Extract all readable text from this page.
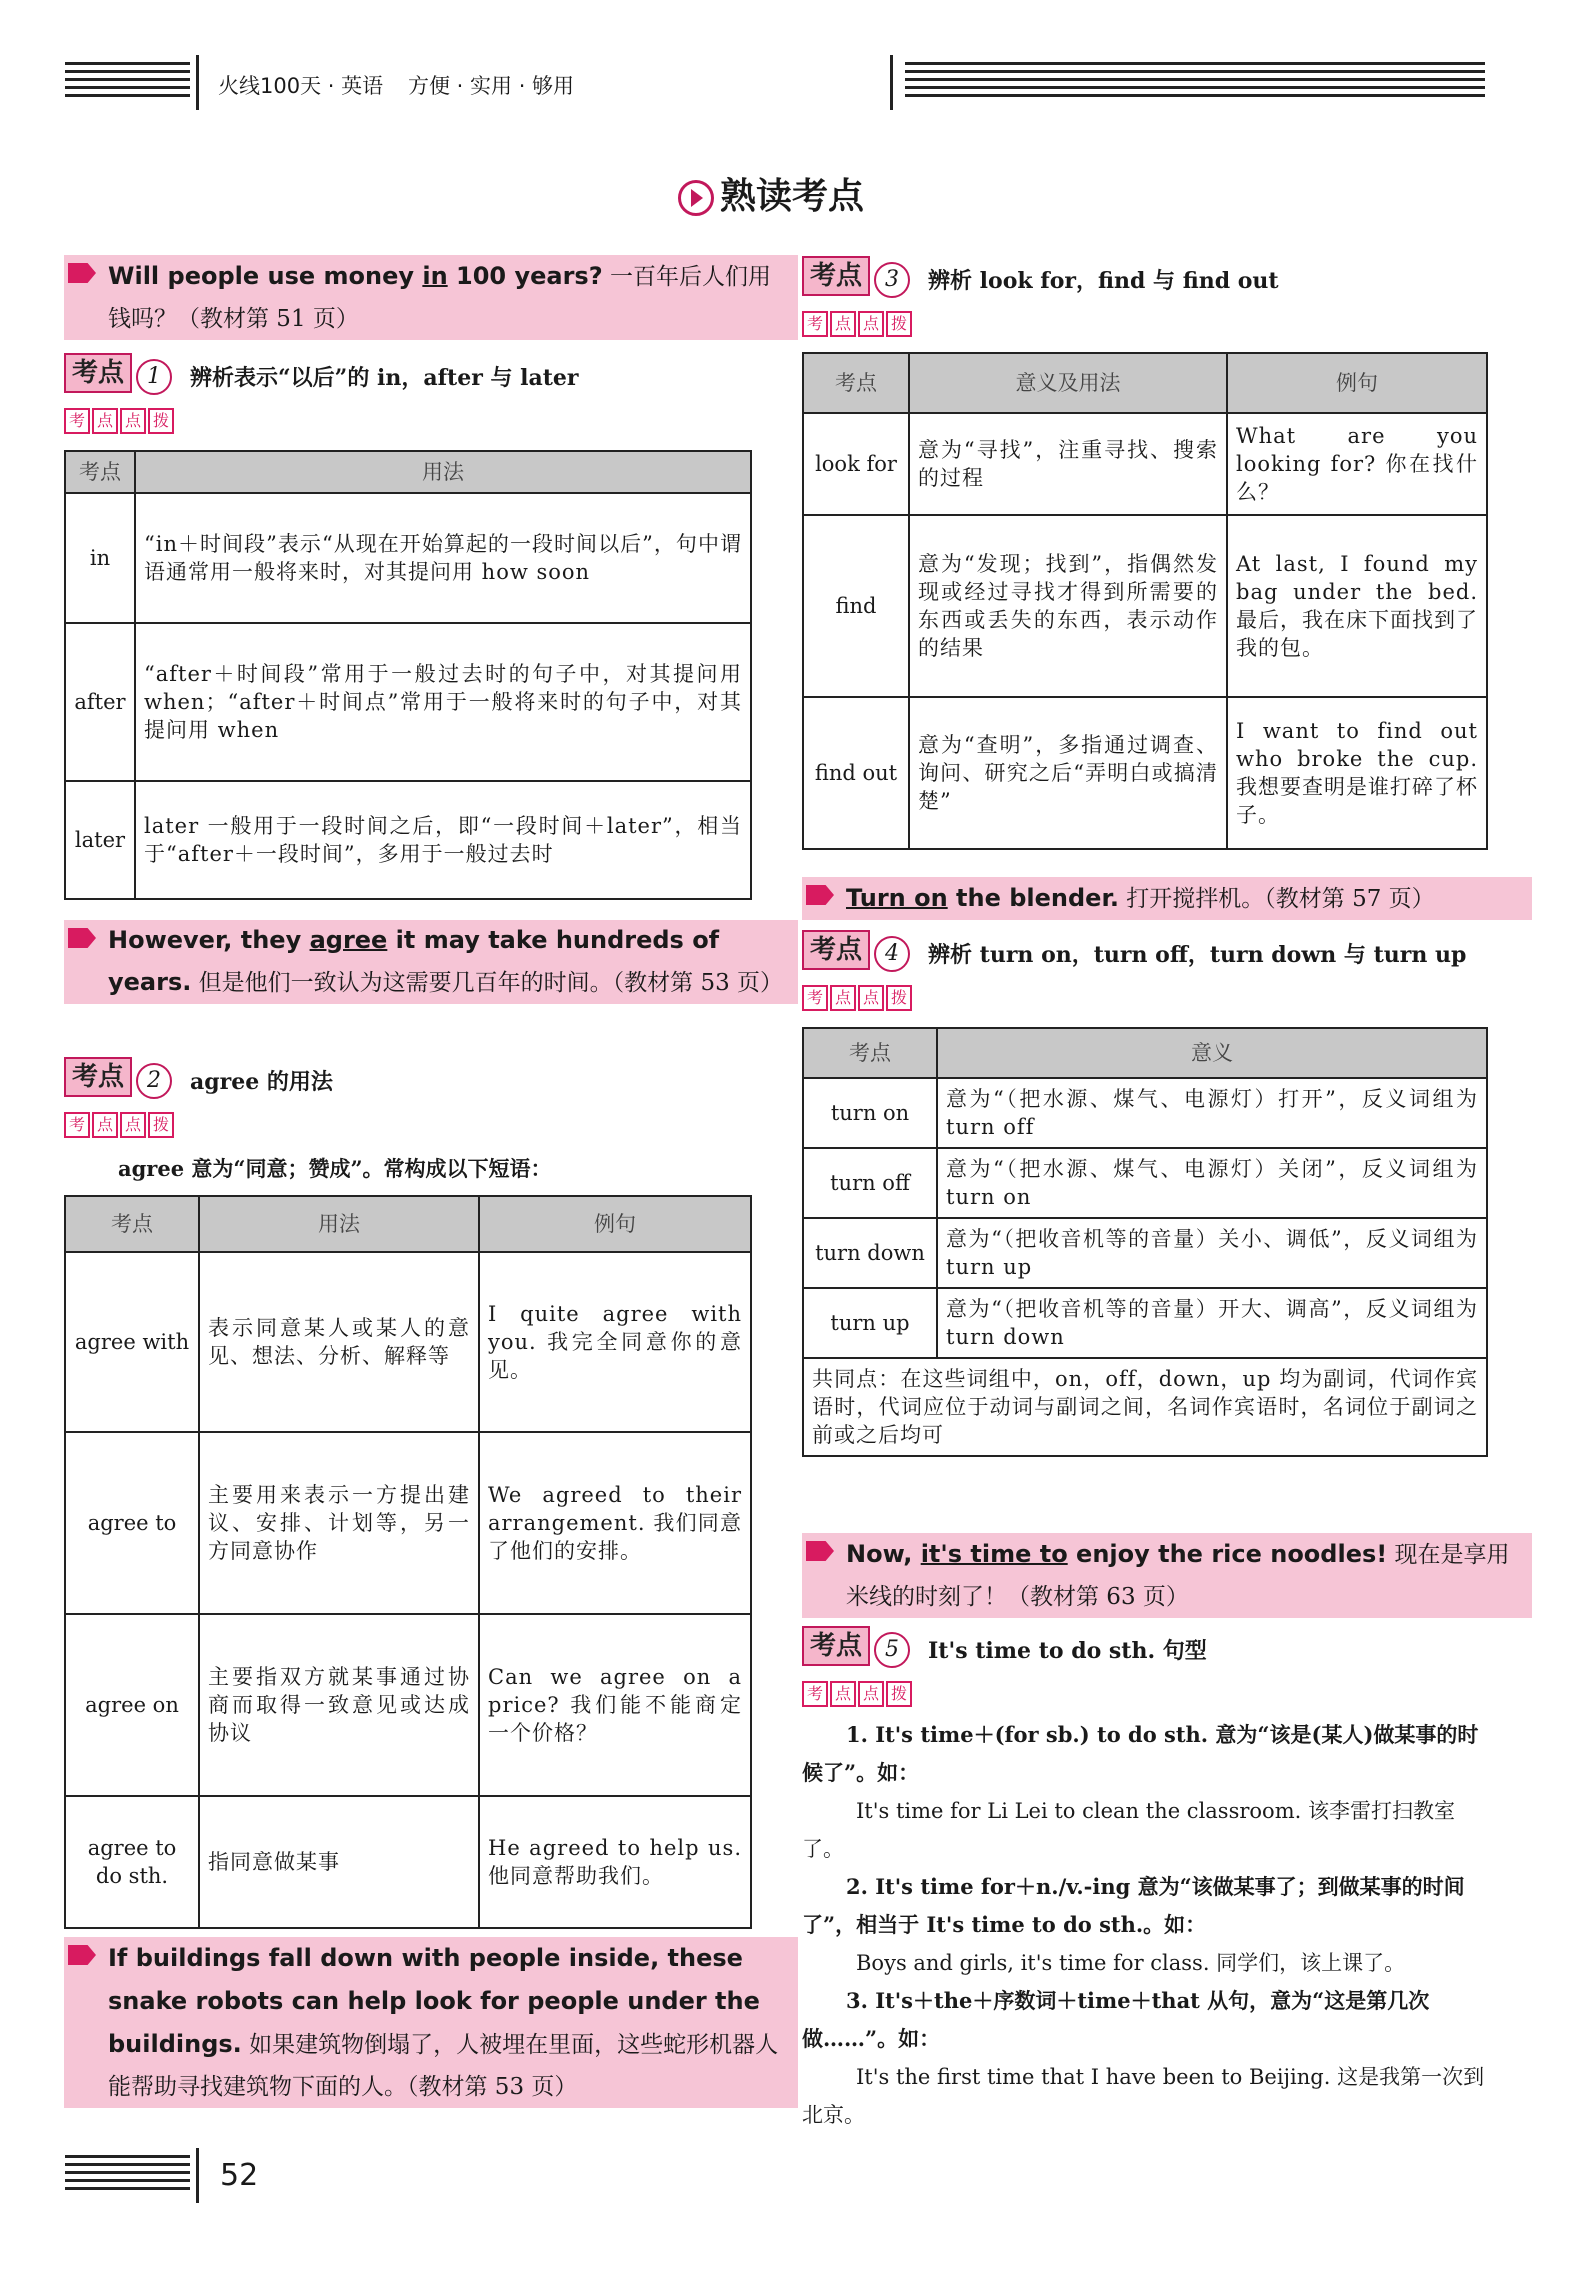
火线100天 · 英语 方便 · 实用 · 够用
熟读考点
Will people use money in 100 years? 一百年后人们用钱吗？（教材第 51 页）
考点 1 辨析表示“以后”的 in，after 与 later
考 点 点 拨
考点	用法
in	“in＋时间段”表示“从现在开始算起的一段时间以后”，句中谓语通常用一般将来时，对其提问用 how soon
after	“after＋时间段”常用于一般过去时的句子中，对其提问用 when；“after＋时间点”常用于一般将来时的句子中，对其提问用 when
later	later 一般用于一段时间之后，即“一段时间＋later”，相当于“after＋一段时间”，多用于一般过去时
However, they agree it may take hundreds of years. 但是他们一致认为这需要几百年的时间。（教材第 53 页）
考点 2 agree 的用法
考 点 点 拨
agree 意为“同意；赞成”。常构成以下短语：
考点	用法	例句
agree with	表示同意某人或某人的意见、想法、分析、解释等	I quite agree with you. 我完全同意你的意见。
agree to	主要用来表示一方提出建议、安排、计划等，另一方同意协作	We agreed to their arrangement. 我们同意了他们的安排。
agree on	主要指双方就某事通过协商而取得一致意见或达成协议	Can we agree on a price? 我们能不能商定一个价格？
agree to do sth.	指同意做某事	He agreed to help us. 他同意帮助我们。
If buildings fall down with people inside, these snake robots can help look for people under the buildings. 如果建筑物倒塌了，人被埋在里面，这些蛇形机器人能帮助寻找建筑物下面的人。（教材第 53 页）
考点 3 辨析 look for，find 与 find out
考 点 点 拨
考点	意义及用法	例句
look for	意为“寻找”，注重寻找、搜索的过程	What are you looking for? 你在找什么？
find	意为“发现；找到”，指偶然发现或经过寻找才得到所需要的东西或丢失的东西，表示动作的结果	At last, I found my bag under the bed. 最后，我在床下面找到了我的包。
find out	意为“查明”，多指通过调查、询问、研究之后“弄明白或搞清楚”	I want to find out who broke the cup. 我想要查明是谁打碎了杯子。
Turn on the blender. 打开搅拌机。（教材第 57 页）
考点 4 辨析 turn on，turn off，turn down 与 turn up
考 点 点 拨
考点	意义
turn on	意为“（把水源、煤气、电源灯）打开”，反义词组为 turn off
turn off	意为“（把水源、煤气、电源灯）关闭”，反义词组为 turn on
turn down	意为“（把收音机等的音量）关小、调低”，反义词组为 turn up
turn up	意为“（把收音机等的音量）开大、调高”，反义词组为 turn down
共同点：在这些词组中，on，off，down，up 均为副词，代词作宾语时，代词应位于动词与副词之间，名词作宾语时，名词位于副词之前或之后均可	
Now, it's time to enjoy the rice noodles! 现在是享用米线的时刻了！（教材第 63 页）
考点 5 It's time to do sth. 句型
考 点 点 拨
1. It's time＋(for sb.) to do sth. 意为“该是(某人)做某事的时候了”。如：
It's time for Li Lei to clean the classroom. 该李雷打扫教室了。
2. It's time for＋n./v.-ing 意为“该做某事了；到做某事的时间了”，相当于 It's time to do sth.。如：
Boys and girls, it's time for class. 同学们，该上课了。
3. It's＋the＋序数词＋time＋that 从句，意为“这是第几次做……”。如：
It's the first time that I have been to Beijing. 这是我第一次到北京。
52
